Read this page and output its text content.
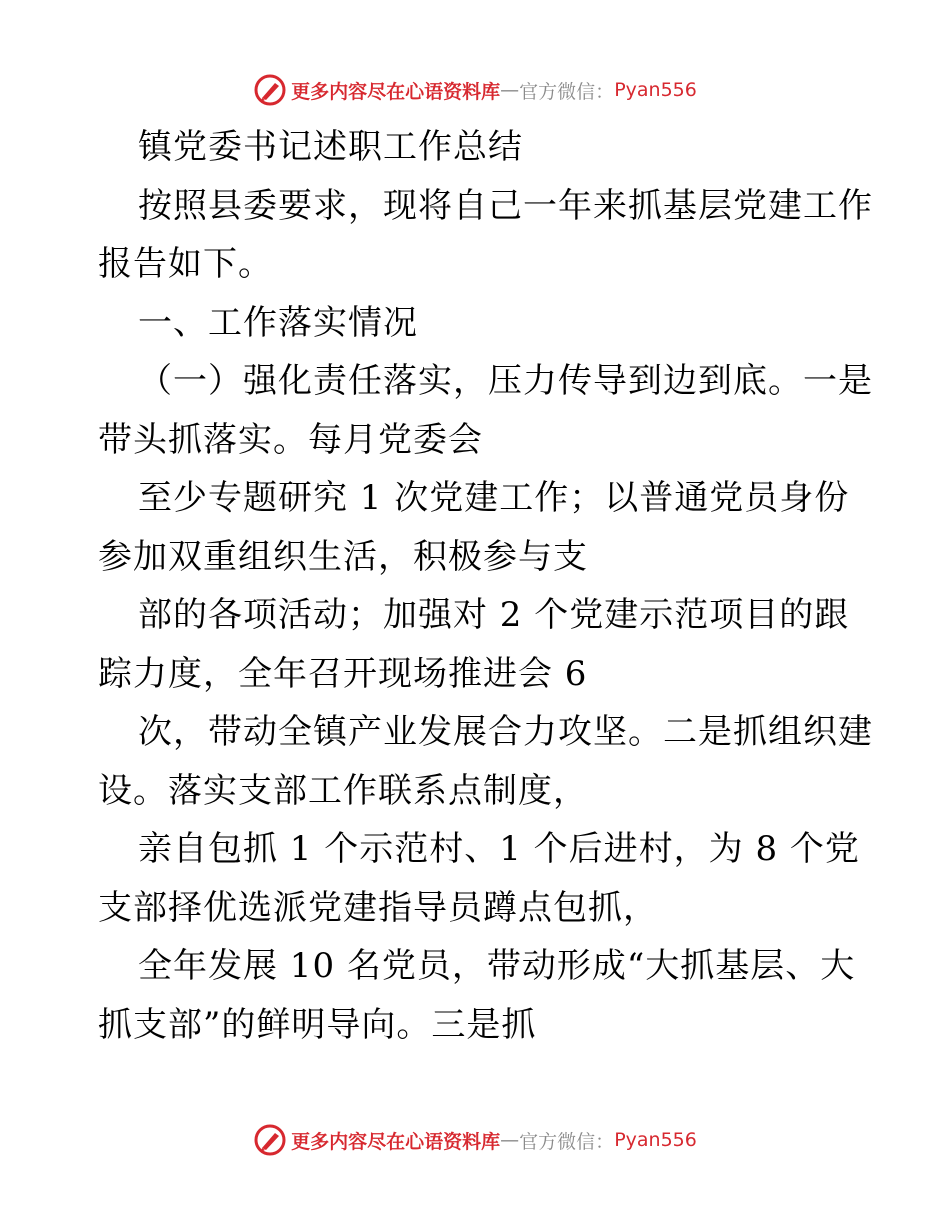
更多内容尽在心语资料库 — 官方微信： Pyan556
镇党委书记述职工作总结
按照县委要求，现将自己一年来抓基层党建工作
报告如下。
一、工作落实情况
（一）强化责任落实，压力传导到边到底。一是
带头抓落实。每月党委会
至少专题研究 1 次党建工作；以普通党员身份
参加双重组织生活，积极参与支
部的各项活动；加强对 2 个党建示范项目的跟
踪力度，全年召开现场推进会 6
次，带动全镇产业发展合力攻坚。二是抓组织建
设。落实支部工作联系点制度，
亲自包抓 1 个示范村、1 个后进村，为 8 个党
支部择优选派党建指导员蹲点包抓，
全年发展 10 名党员，带动形成“大抓基层、大
抓支部”的鲜明导向。三是抓
更多内容尽在心语资料库 — 官方微信： Pyan556
